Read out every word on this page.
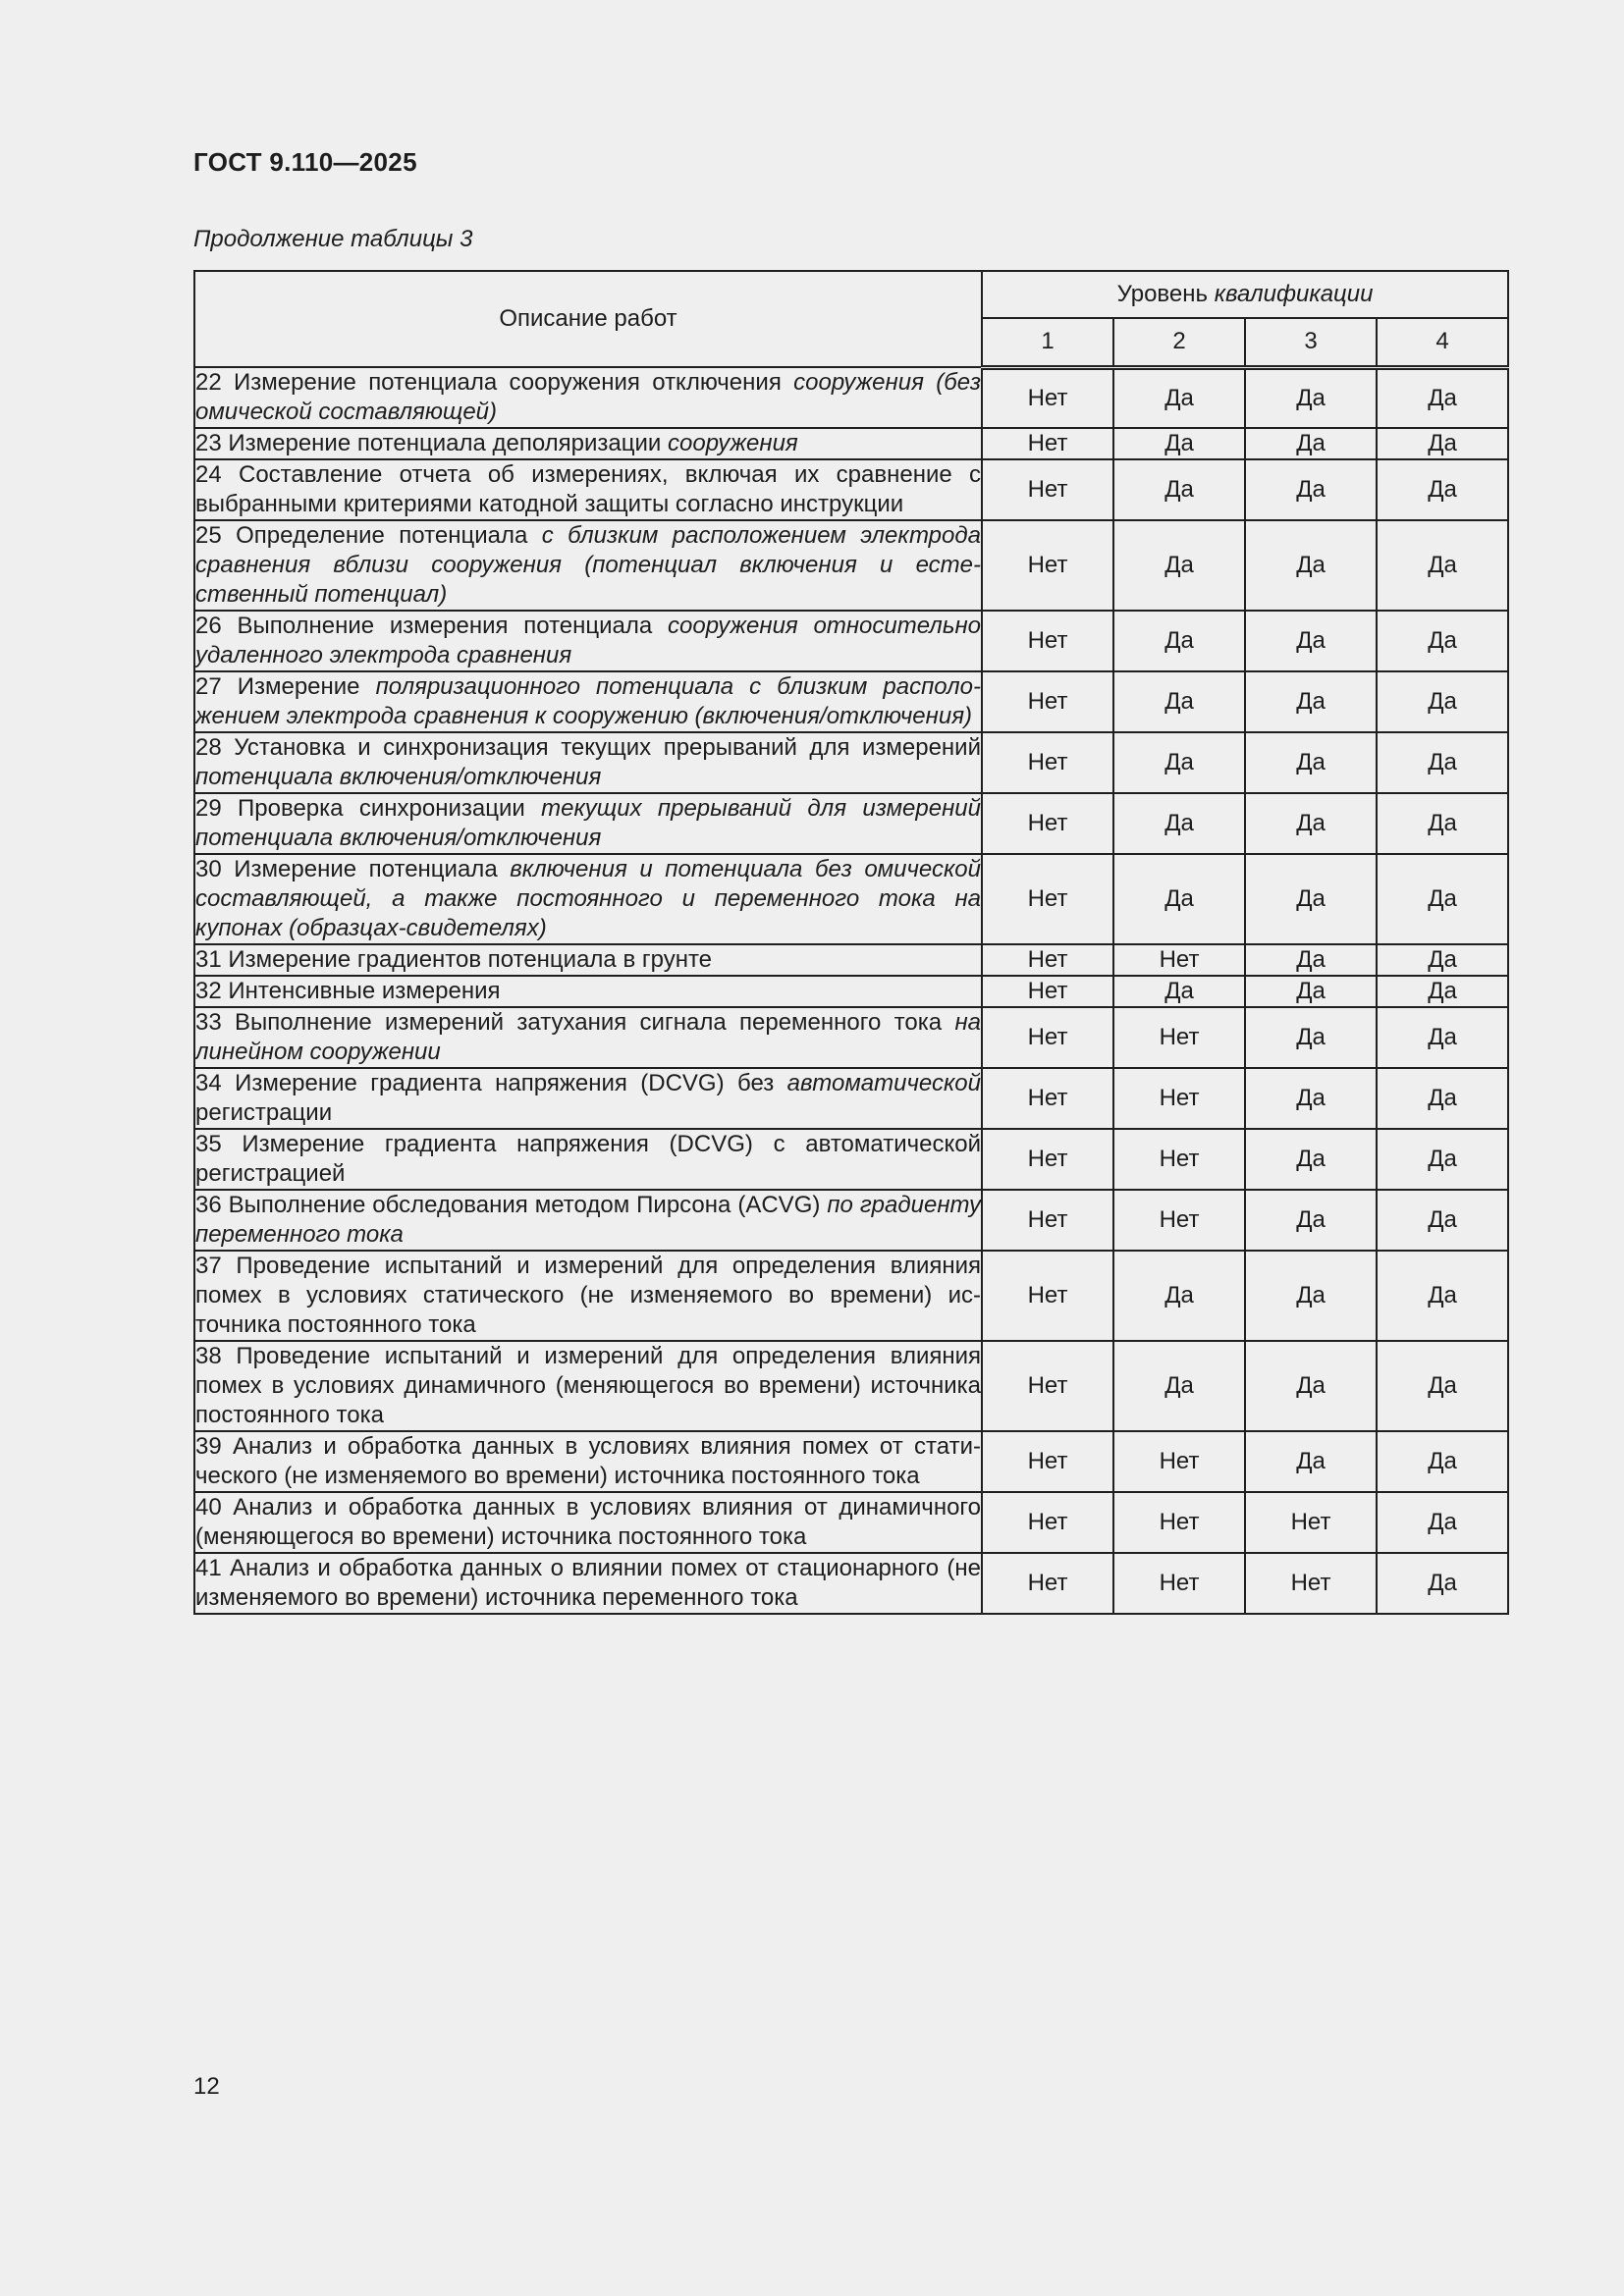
ГОСТ 9.110—2025
Продолжение таблицы 3
Описание работ	Уровень квалификации			
	1	2	3	4
22 Измерение потенциала сооружения отключения сооружения (без омической составляющей)	Нет	Да	Да	Да
23 Измерение потенциала деполяризации сооружения	Нет	Да	Да	Да
24 Составление отчета об измерениях, включая их сравнение с выбранными критериями катодной защиты согласно инструкции	Нет	Да	Да	Да
25 Определение потенциала с близким расположением электрода сравнения вблизи сооружения (потенциал включения и естественный потенциал)	Нет	Да	Да	Да
26 Выполнение измерения потенциала сооружения относительно удаленного электрода сравнения	Нет	Да	Да	Да
27 Измерение поляризационного потенциала с близким расположением электрода сравнения к сооружению (включения/отключения)	Нет	Да	Да	Да
28 Установка и синхронизация текущих прерываний для измерений потенциала включения/отключения	Нет	Да	Да	Да
29 Проверка синхронизации текущих прерываний для измерений потенциала включения/отключения	Нет	Да	Да	Да
30 Измерение потенциала включения и потенциала без омической составляющей, а также постоянного и переменного тока на купонах (образцах-свидетелях)	Нет	Да	Да	Да
31 Измерение градиентов потенциала в грунте	Нет	Нет	Да	Да
32 Интенсивные измерения	Нет	Да	Да	Да
33 Выполнение измерений затухания сигнала переменного тока на линейном сооружении	Нет	Нет	Да	Да
34 Измерение градиента напряжения (DCVG) без автоматической регистрации	Нет	Нет	Да	Да
35 Измерение градиента напряжения (DCVG) с автоматической регистрацией	Нет	Нет	Да	Да
36 Выполнение обследования методом Пирсона (ACVG) по градиенту переменного тока	Нет	Нет	Да	Да
37 Проведение испытаний и измерений для определения влияния помех в условиях статического (не изменяемого во времени) источника постоянного тока	Нет	Да	Да	Да
38 Проведение испытаний и измерений для определения влияния помех в условиях динамичного (меняющегося во времени) источника постоянного тока	Нет	Да	Да	Да
39 Анализ и обработка данных в условиях влияния помех от статического (не изменяемого во времени) источника постоянного тока	Нет	Нет	Да	Да
40 Анализ и обработка данных в условиях влияния от динамичного (меняющегося во времени) источника постоянного тока	Нет	Нет	Нет	Да
41 Анализ и обработка данных о влиянии помех от стационарного (не изменяемого во времени) источника переменного тока	Нет	Нет	Нет	Да
12
